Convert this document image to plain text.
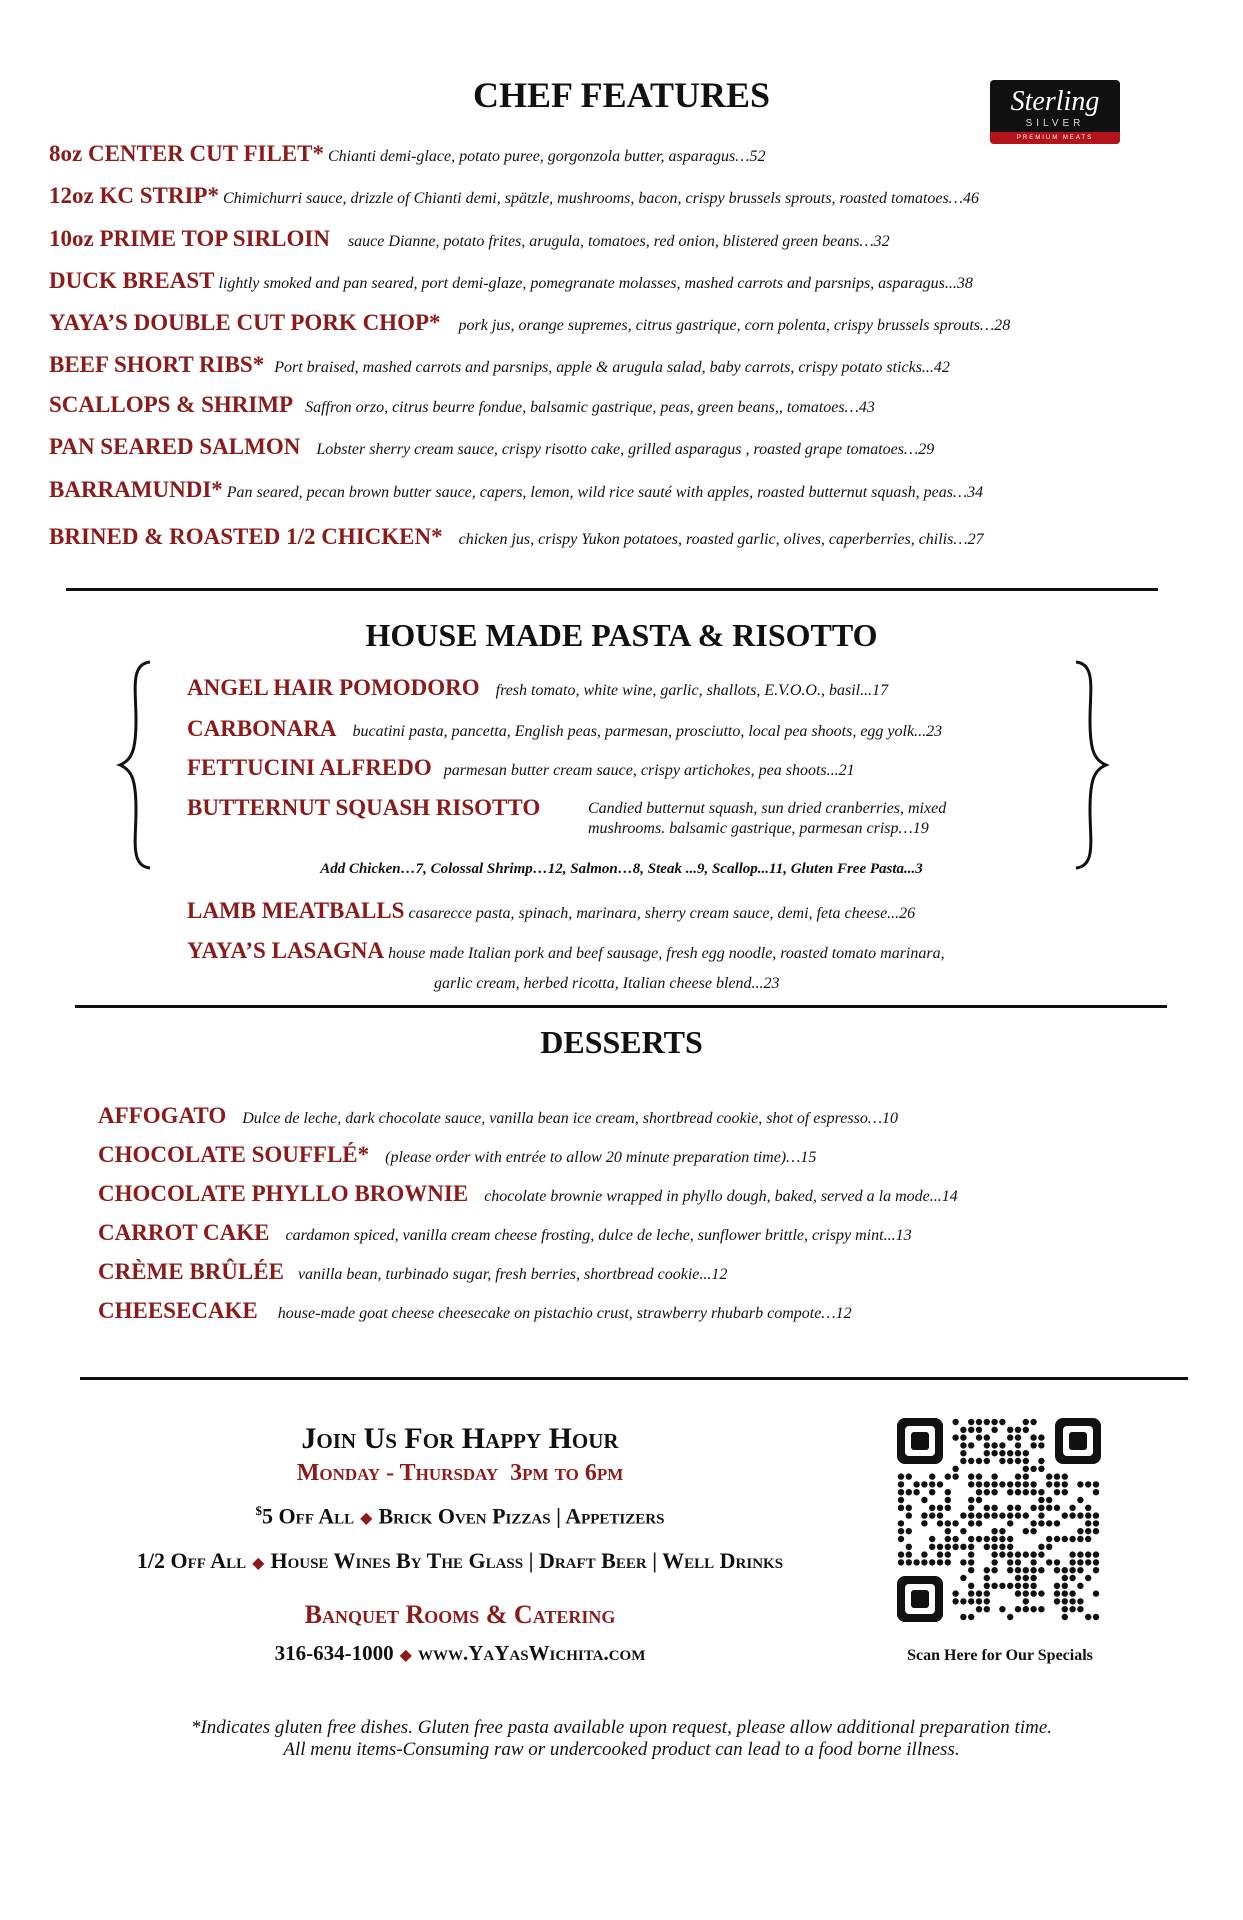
CHEF FEATURES	Sterling
SILVER
PREMIUM MEATS
8oz CENTER CUT FILET* Chianti demi-glace, potato puree, gorgonzola butter, asparagus…52
12oz KC STRIP* Chimichurri sauce, drizzle of Chianti demi, spätzle, mushrooms, bacon, crispy brussels sprouts, roasted tomatoes…46
10oz PRIME TOP SIRLOIN sauce Dianne, potato frites, arugula, tomatoes, red onion, blistered green beans…32
DUCK BREAST lightly smoked and pan seared, port demi-glaze, pomegranate molasses, mashed carrots and parsnips, asparagus...38
YAYA’S DOUBLE CUT PORK CHOP* pork jus, orange supremes, citrus gastrique, corn polenta, crispy brussels sprouts…28
BEEF SHORT RIBS* Port braised, mashed carrots and parsnips, apple & arugula salad, baby carrots, crispy potato sticks...42
SCALLOPS & SHRIMP Saffron orzo, citrus beurre fondue, balsamic gastrique, peas, green beans,, tomatoes…43
PAN SEARED SALMON Lobster sherry cream sauce, crispy risotto cake, grilled asparagus , roasted grape tomatoes…29
BARRAMUNDI* Pan seared, pecan brown butter sauce, capers, lemon, wild rice sauté with apples, roasted butternut squash, peas…34
BRINED & ROASTED 1/2 CHICKEN* chicken jus, crispy Yukon potatoes, roasted garlic, olives, caperberries, chilis…27
HOUSE MADE PASTA & RISOTTO
ANGEL HAIR POMODORO fresh tomato, white wine, garlic, shallots, E.V.O.O., basil...17
CARBONARA bucatini pasta, pancetta, English peas, parmesan, prosciutto, local pea shoots, egg yolk...23
FETTUCINI ALFREDO parmesan butter cream sauce, crispy artichokes, pea shoots...21
BUTTERNUT SQUASH RISOTTO	Candied butternut squash, sun dried cranberries, mixed
mushrooms. balsamic gastrique, parmesan crisp…19
Add Chicken…7, Colossal Shrimp…12, Salmon…8, Steak ...9, Scallop...11, Gluten Free Pasta...3
LAMB MEATBALLS casarecce pasta, spinach, marinara, sherry cream sauce, demi, feta cheese...26
YAYA’S LASAGNA house made Italian pork and beef sausage, fresh egg noodle, roasted tomato marinara,
garlic cream, herbed ricotta, Italian cheese blend...23
DESSERTS
AFFOGATO Dulce de leche, dark chocolate sauce, vanilla bean ice cream, shortbread cookie, shot of espresso…10
CHOCOLATE SOUFFLÉ* (please order with entrée to allow 20 minute preparation time)…15
CHOCOLATE PHYLLO BROWNIE chocolate brownie wrapped in phyllo dough, baked, served a la mode...14
CARROT CAKE cardamon spiced, vanilla cream cheese frosting, dulce de leche, sunflower brittle, crispy mint...13
CRÈME BRÛLÉE vanilla bean, turbinado sugar, fresh berries, shortbread cookie...12
CHEESECAKE house-made goat cheese cheesecake on pistachio crust, strawberry rhubarb compote…12
Join Us For Happy Hour
Monday - Thursday  3pm to 6pm
$5 Off All ◆ Brick Oven Pizzas | Appetizers
1/2 Off All ◆ House Wines By The Glass | Draft Beer | Well Drinks
Banquet Rooms & Catering
316-634-1000 ◆ www.YaYasWichita.com	Scan Here for Our Specials
*Indicates gluten free dishes. Gluten free pasta available upon request, please allow additional preparation time.
All menu items-Consuming raw or undercooked product can lead to a food borne illness.
